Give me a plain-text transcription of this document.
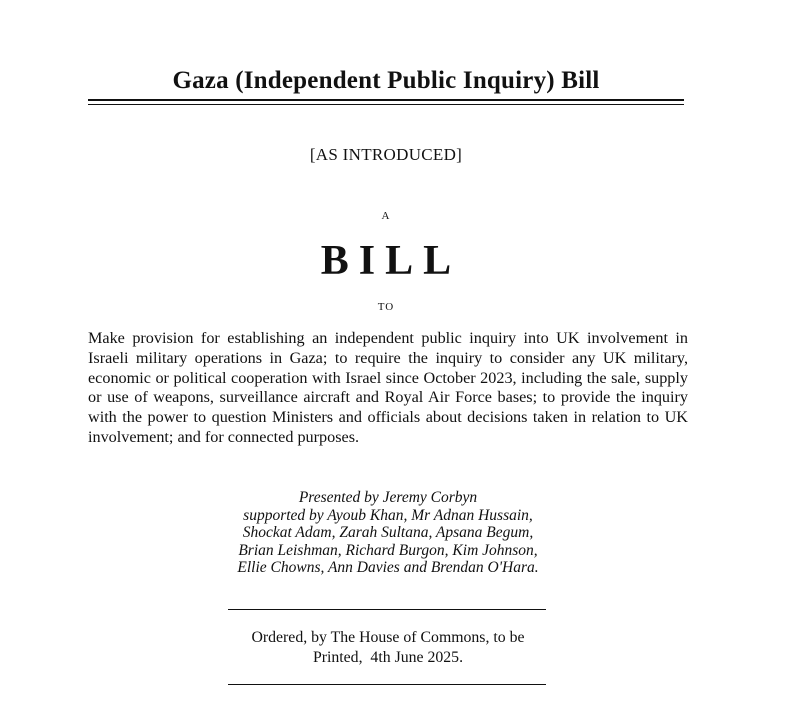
Gaza (Independent Public Inquiry) Bill
[AS INTRODUCED]
A
BILL
TO
Make provision for establishing an independent public inquiry into UK involvement in Israeli military operations in Gaza; to require the inquiry to consider any UK military, economic or political cooperation with Israel since October 2023, including the sale, supply or use of weapons, surveillance aircraft and Royal Air Force bases; to provide the inquiry with the power to question Ministers and officials about decisions taken in relation to UK involvement; and for connected purposes.
Presented by Jeremy Corbyn
supported by Ayoub Khan, Mr Adnan Hussain,
Shockat Adam, Zarah Sultana, Apsana Begum,
Brian Leishman, Richard Burgon, Kim Johnson,
Ellie Chowns, Ann Davies and Brendan O'Hara.
Ordered, by The House of Commons, to be
Printed,  4th June 2025.
